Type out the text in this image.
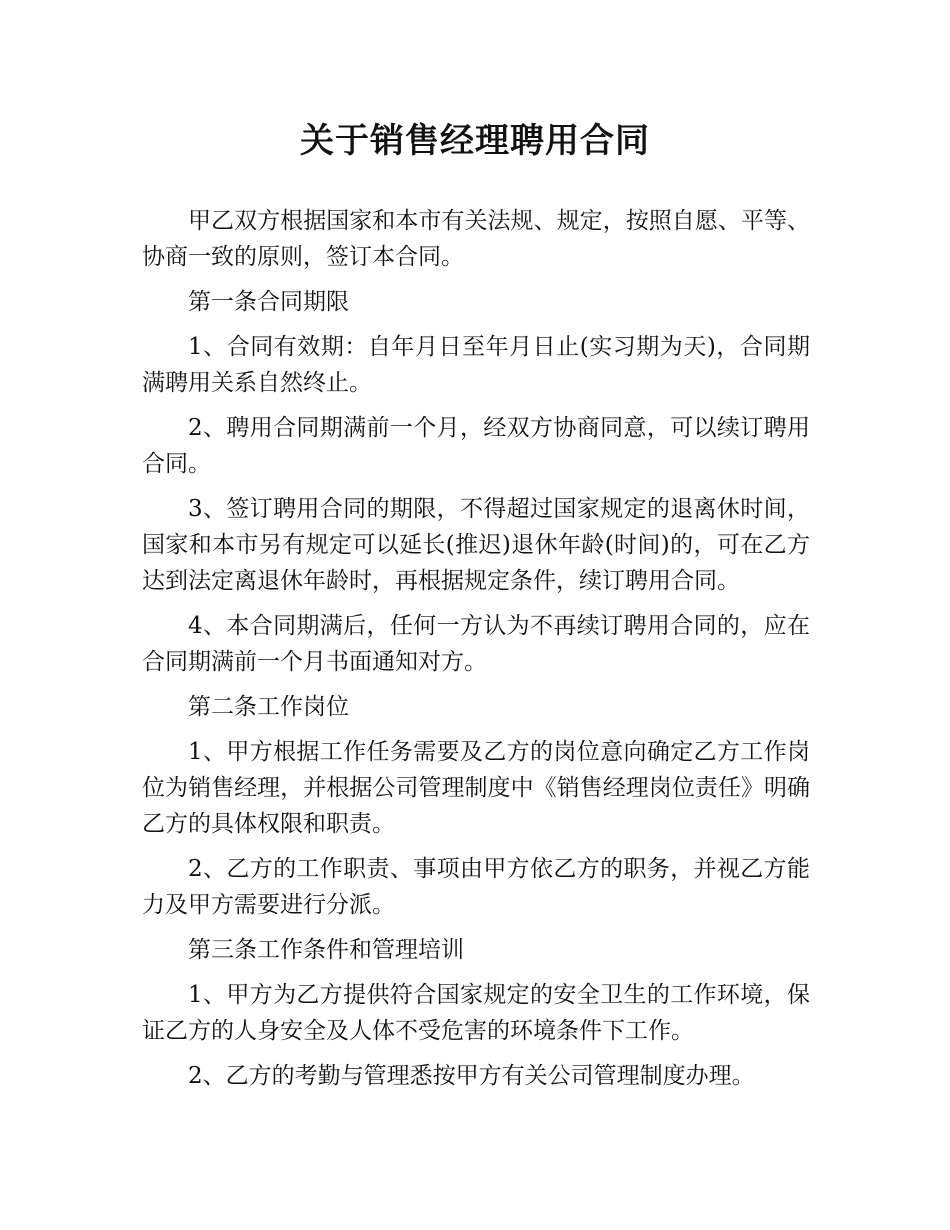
关于销售经理聘用合同

甲乙双方根据国家和本市有关法规、规定，按照自愿、平等、协商一致的原则，签订本合同。

第一条合同期限

1、合同有效期：自年月日至年月日止(实习期为天)，合同期满聘用关系自然终止。

2、聘用合同期满前一个月，经双方协商同意，可以续订聘用合同。

3、签订聘用合同的期限，不得超过国家规定的退离休时间，国家和本市另有规定可以延长(推迟)退休年龄(时间)的，可在乙方达到法定离退休年龄时，再根据规定条件，续订聘用合同。

4、本合同期满后，任何一方认为不再续订聘用合同的，应在合同期满前一个月书面通知对方。

第二条工作岗位

1、甲方根据工作任务需要及乙方的岗位意向确定乙方工作岗位为销售经理，并根据公司管理制度中《销售经理岗位责任》明确乙方的具体权限和职责。

2、乙方的工作职责、事项由甲方依乙方的职务，并视乙方能力及甲方需要进行分派。

第三条工作条件和管理培训

1、甲方为乙方提供符合国家规定的安全卫生的工作环境，保证乙方的人身安全及人体不受危害的环境条件下工作。

2、乙方的考勤与管理悉按甲方有关公司管理制度办理。
